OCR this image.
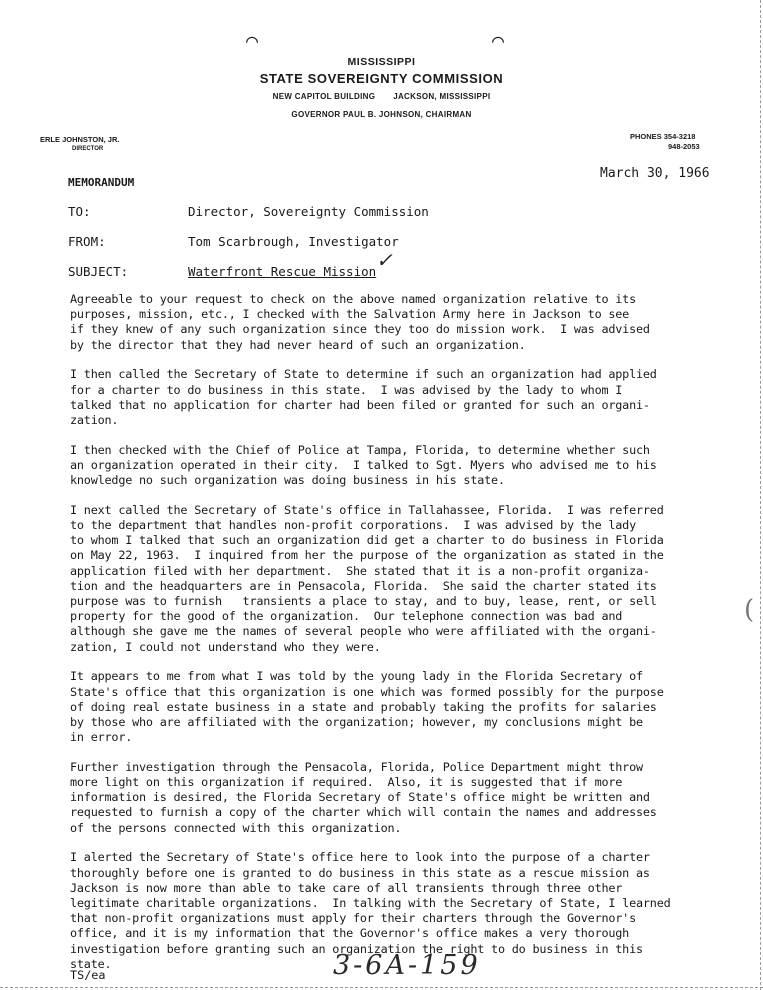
⌒	⌒
MISSISSIPPI
STATE SOVEREIGNTY COMMISSION
NEW CAPITOL BUILDING JACKSON, MISSISSIPPI
GOVERNOR PAUL B. JOHNSON, CHAIRMAN
ERLE JOHNSTON, JR.
DIRECTOR
PHONES 354-3218
948-2053
March 30, 1966
MEMORANDUM
TO:	Director, Sovereignty Commission
FROM:	Tom Scarbrough, Investigator
SUBJECT:	Waterfront Rescue Mission ✓
Agreeable to your request to check on the above named organization relative to its
purposes, mission, etc., I checked with the Salvation Army here in Jackson to see
if they knew of any such organization since they too do mission work.  I was advised
by the director that they had never heard of such an organization.
I then called the Secretary of State to determine if such an organization had applied
for a charter to do business in this state.  I was advised by the lady to whom I
talked that no application for charter had been filed or granted for such an organi-
zation.
I then checked with the Chief of Police at Tampa, Florida, to determine whether such
an organization operated in their city.  I talked to Sgt. Myers who advised me to his
knowledge no such organization was doing business in his state.
I next called the Secretary of State's office in Tallahassee, Florida.  I was referred
to the department that handles non-profit corporations.  I was advised by the lady
to whom I talked that such an organization did get a charter to do business in Florida
on May 22, 1963.  I inquired from her the purpose of the organization as stated in the
application filed with her department.  She stated that it is a non-profit organiza-
tion and the headquarters are in Pensacola, Florida.  She said the charter stated its
purpose was to furnish   transients a place to stay, and to buy, lease, rent, or sell
property for the good of the organization.  Our telephone connection was bad and
although she gave me the names of several people who were affiliated with the organi-
zation, I could not understand who they were.
It appears to me from what I was told by the young lady in the Florida Secretary of
State's office that this organization is one which was formed possibly for the purpose
of doing real estate business in a state and probably taking the profits for salaries
by those who are affiliated with the organization; however, my conclusions might be
in error.
Further investigation through the Pensacola, Florida, Police Department might throw
more light on this organization if required.  Also, it is suggested that if more
information is desired, the Florida Secretary of State's office might be written and
requested to furnish a copy of the charter which will contain the names and addresses
of the persons connected with this organization.
I alerted the Secretary of State's office here to look into the purpose of a charter
thoroughly before one is granted to do business in this state as a rescue mission as
Jackson is now more than able to take care of all transients through three other
legitimate charitable organizations.  In talking with the Secretary of State, I learned
that non-profit organizations must apply for their charters through the Governor's
office, and it is my information that the Governor's office makes a very thorough
investigation before granting such an organization the right to do business in this
state.
TS/ea	3-6A-159
(
